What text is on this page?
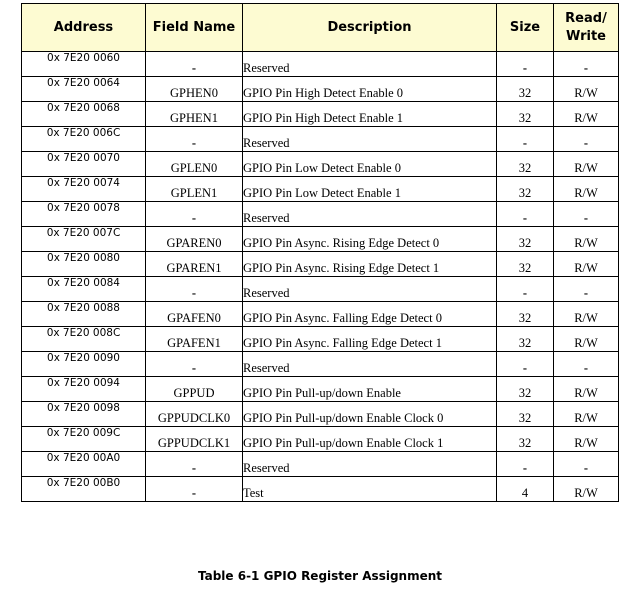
Address	Field Name	Description	Size	Read/
Write
0x 7E20 0060	-	Reserved	-	-
0x 7E20 0064	GPHEN0	GPIO Pin High Detect Enable 0	32	R/W
0x 7E20 0068	GPHEN1	GPIO Pin High Detect Enable 1	32	R/W
0x 7E20 006C	-	Reserved	-	-
0x 7E20 0070	GPLEN0	GPIO Pin Low Detect Enable 0	32	R/W
0x 7E20 0074	GPLEN1	GPIO Pin Low Detect Enable 1	32	R/W
0x 7E20 0078	-	Reserved	-	-
0x 7E20 007C	GPAREN0	GPIO Pin Async. Rising Edge Detect 0	32	R/W
0x 7E20 0080	GPAREN1	GPIO Pin Async. Rising Edge Detect 1	32	R/W
0x 7E20 0084	-	Reserved	-	-
0x 7E20 0088	GPAFEN0	GPIO Pin Async. Falling Edge Detect 0	32	R/W
0x 7E20 008C	GPAFEN1	GPIO Pin Async. Falling Edge Detect 1	32	R/W
0x 7E20 0090	-	Reserved	-	-
0x 7E20 0094	GPPUD	GPIO Pin Pull-up/down Enable	32	R/W
0x 7E20 0098	GPPUDCLK0	GPIO Pin Pull-up/down Enable Clock 0	32	R/W
0x 7E20 009C	GPPUDCLK1	GPIO Pin Pull-up/down Enable Clock 1	32	R/W
0x 7E20 00A0	-	Reserved	-	-
0x 7E20 00B0	-	Test	4	R/W
Table 6-1 GPIO Register Assignment
